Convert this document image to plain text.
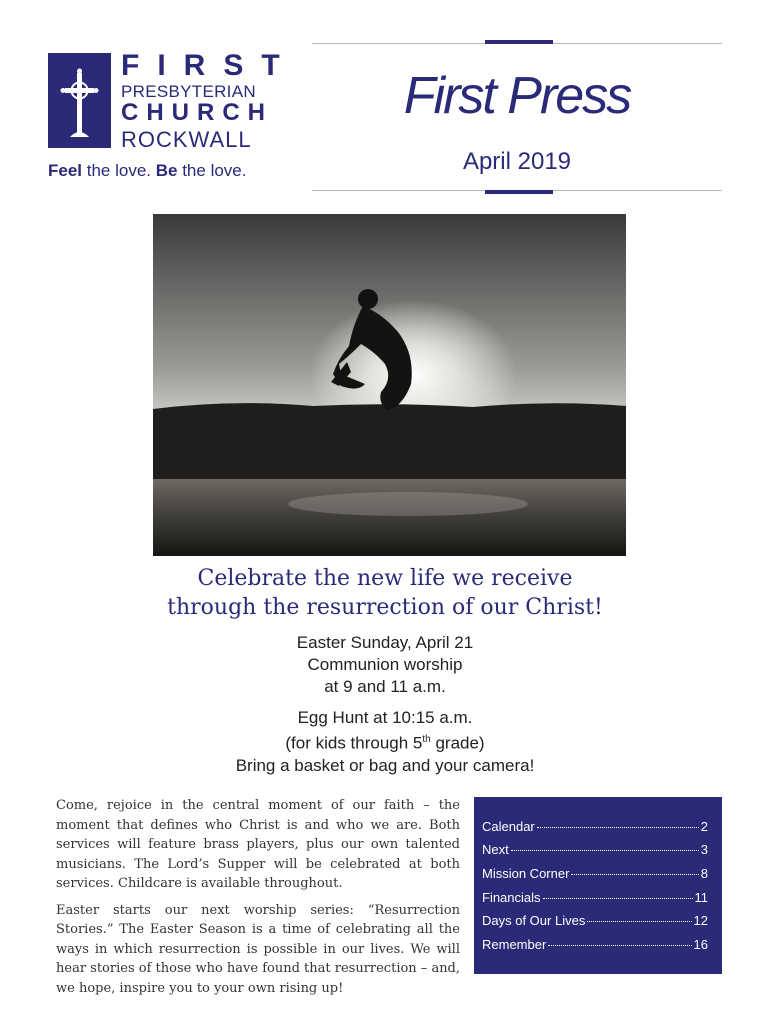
FIRST
PRESBYTERIAN
CHURCH
ROCKWALL
Feel the love. Be the love.
First Press
April 2019
Celebrate the new life we receive
through the resurrection of our Christ!
Easter Sunday, April 21
Communion worship
at 9 and 11 a.m.
Egg Hunt at 10:15 a.m.
(for kids through 5th grade)
Bring a basket or bag and your camera!

Come, rejoice in the central moment of our faith – the moment that defines who Christ is and who we are. Both services will feature brass players, plus our own talented musicians. The Lord’s Supper will be celebrated at both services. Childcare is available throughout.

Easter starts our next worship series: “Resurrection Stories.” The Easter Season is a time of celebrating all the ways in which resurrection is possible in our lives. We will hear stories of those who have found that resurrection – and, we hope, inspire you to your own rising up!

Calendar	2
Next	3
Mission Corner	8
Financials	11
Days of Our Lives	12
Remember	16
